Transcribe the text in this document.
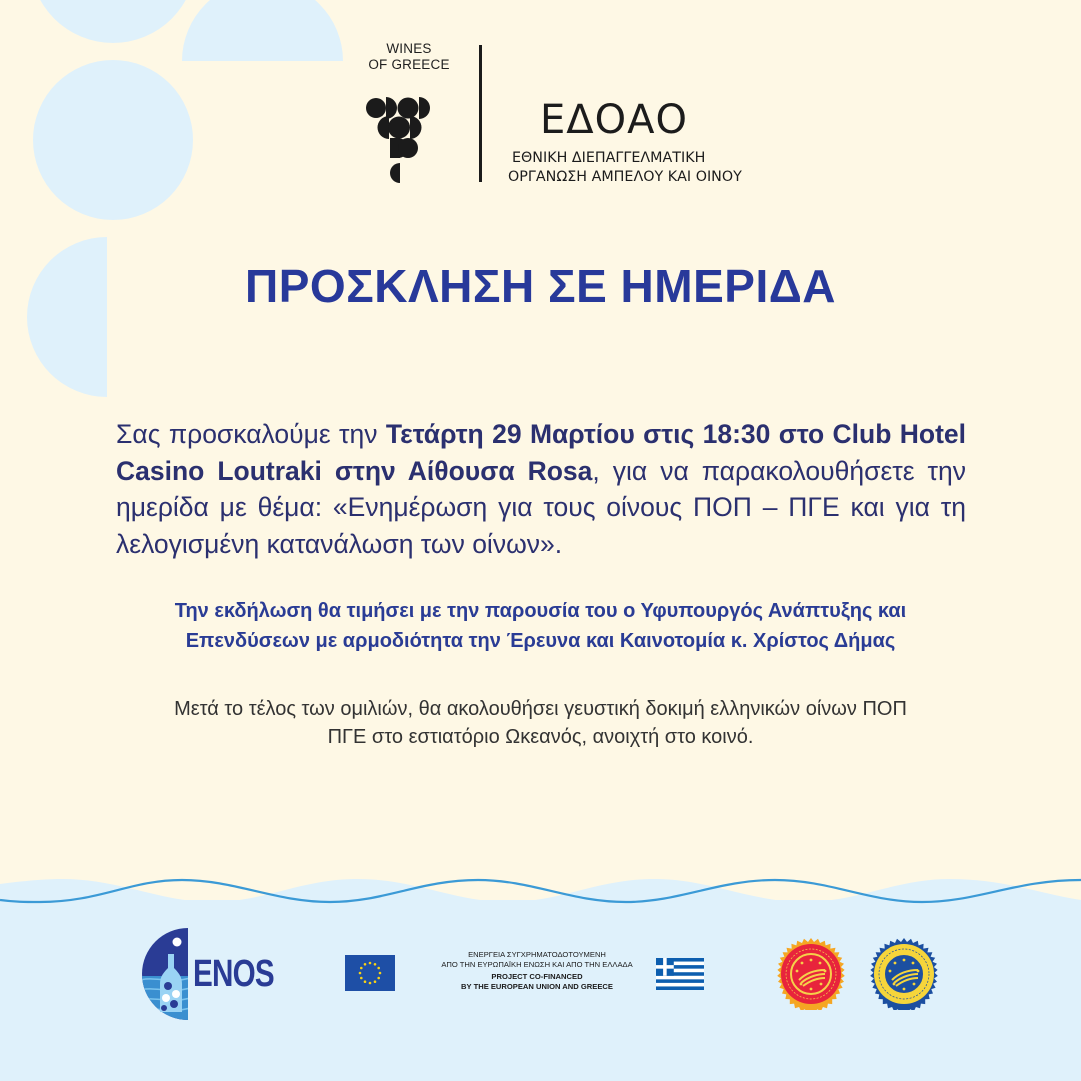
WINES
OF GREECE
ΕΔΟΑΟ
ΕΘΝΙΚΗ ΔΙΕΠΑΓΓΕΛΜΑΤΙΚΗ
ΟΡΓΑΝΩΣΗ ΑΜΠΕΛΟΥ ΚΑΙ ΟΙΝΟΥ
ΠΡΟΣΚΛΗΣΗ ΣΕ ΗΜΕΡΙΔΑ
Σας προσκαλούμε την Τετάρτη 29 Μαρτίου στις 18:30 στο Club Hotel Casino Loutraki στην Αίθουσα Rosa, για να παρακολουθήσετε την ημερίδα με θέμα: «Ενημέρωση για τους οίνους ΠΟΠ – ΠΓΕ και για τη λελογισμένη κατανάλωση των οίνων».
Την εκδήλωση θα τιμήσει με την παρουσία του ο Υφυπουργός Ανάπτυξης και
Επενδύσεων με αρμοδιότητα την Έρευνα και Καινοτομία κ. Χρίστος Δήμας
Μετά το τέλος των ομιλιών, θα ακολουθήσει γευστική δοκιμή ελληνικών οίνων ΠΟΠ
ΠΓΕ στο εστιατόριο Ωκεανός, ανοιχτή στο κοινό.
ENOS	ΕΝΕΡΓΕΙΑ ΣΥΓΧΡΗΜΑΤΟΔΟΤΟΥΜΕΝΗ
ΑΠΟ ΤΗΝ ΕΥΡΩΠΑΪΚΗ ΕΝΩΣΗ ΚΑΙ ΑΠΟ ΤΗΝ ΕΛΛΑΔΑ
PROJECT CO-FINANCED
BY THE EUROPEAN UNION AND GREECE
